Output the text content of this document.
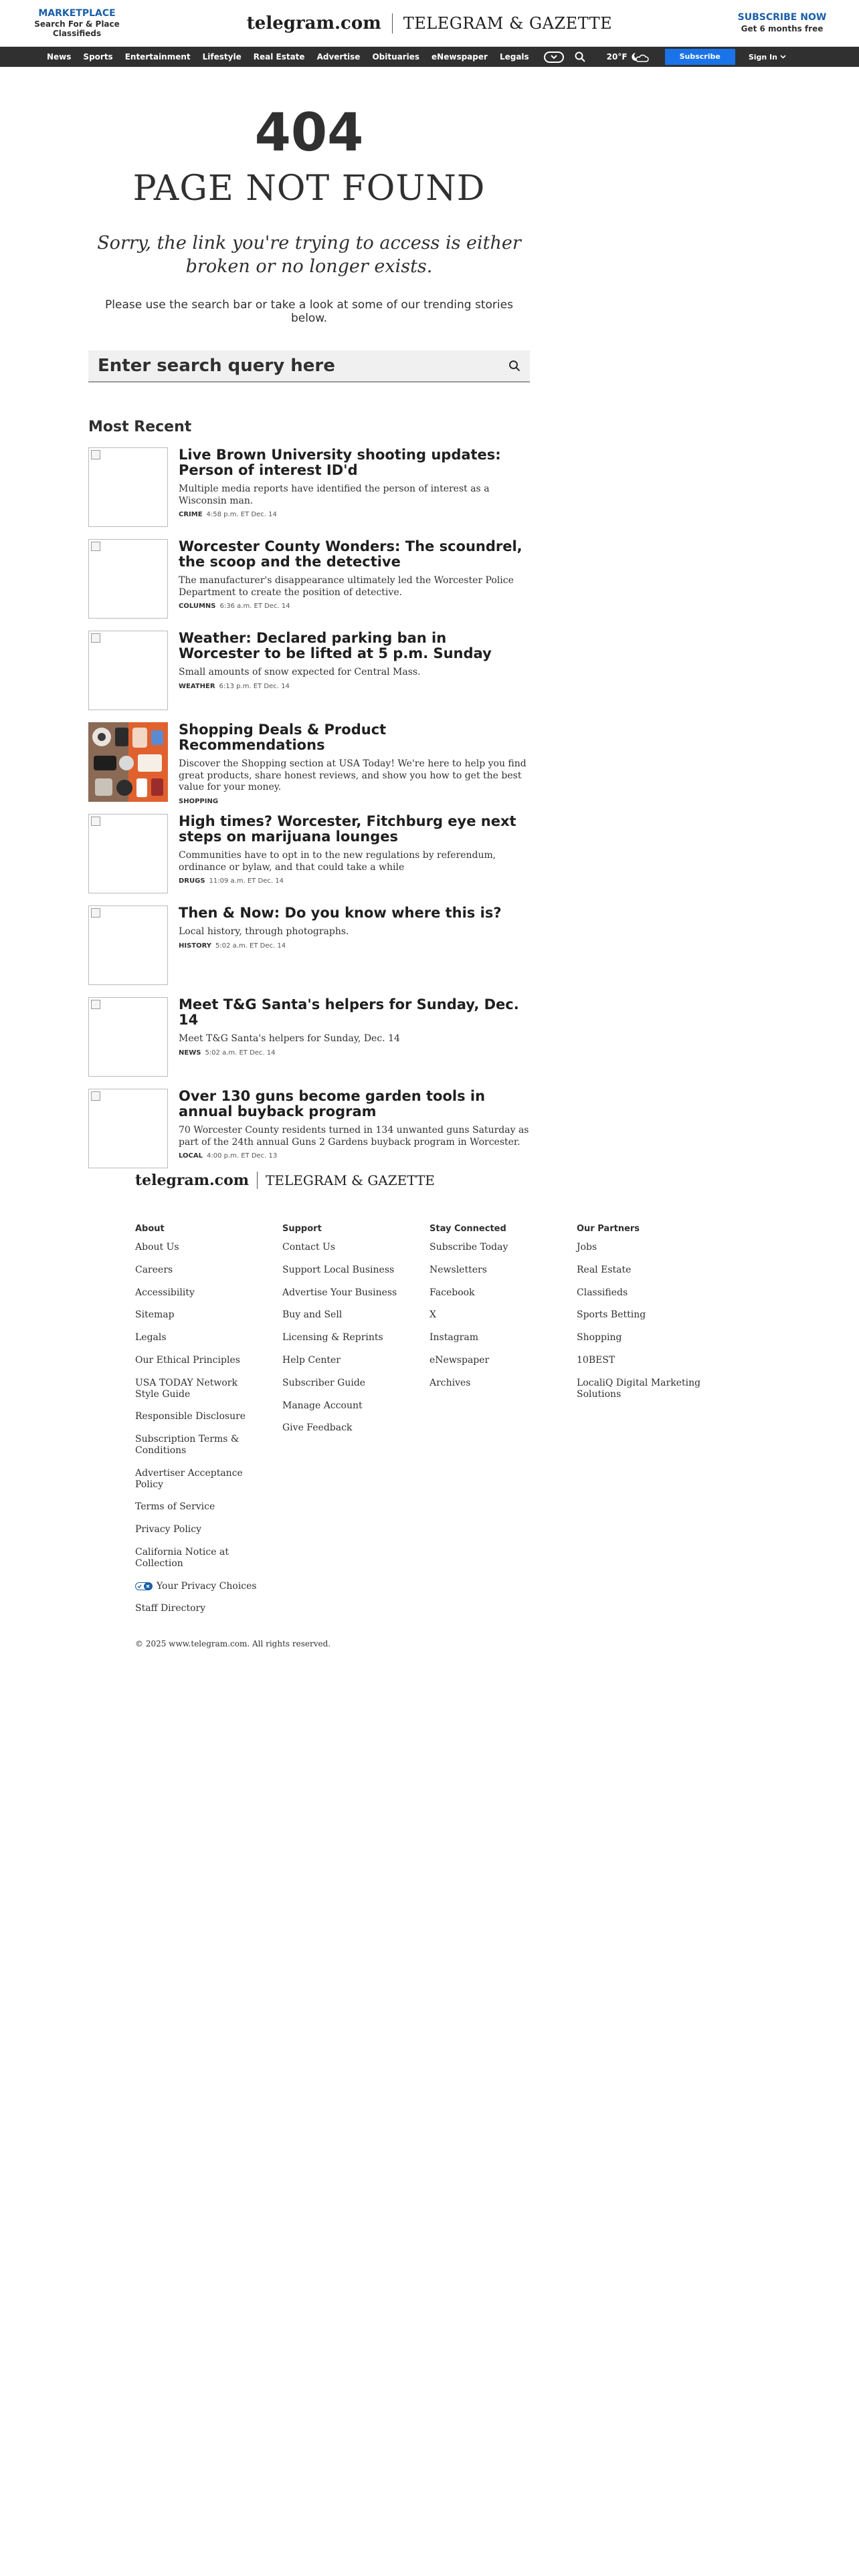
MARKETPLACE
Search For & Place Classifieds
telegram.com TELEGRAM & GAZETTE	SUBSCRIBE NOW
Get 6 months free
News Sports Entertainment Lifestyle Real Estate Advertise Obituaries eNewspaper Legals	20°F	Subscribe	Sign In
404
PAGE NOT FOUND
Sorry, the link you're trying to access is either broken or no longer exists.
Please use the search bar or take a look at some of our trending stories below.
Enter search query here
Most Recent
Live Brown University shooting updates: Person of interest ID'd
Multiple media reports have identified the person of interest as a Wisconsin man.
CRIME 4:58 p.m. ET Dec. 14
Worcester County Wonders: The scoundrel, the scoop and the detective
The manufacturer's disappearance ultimately led the Worcester Police Department to create the position of detective.
COLUMNS 6:36 a.m. ET Dec. 14
Weather: Declared parking ban in Worcester to be lifted at 5 p.m. Sunday
Small amounts of snow expected for Central Mass.
WEATHER 6:13 p.m. ET Dec. 14
Shopping Deals & Product Recommendations
Discover the Shopping section at USA Today! We're here to help you find great products, share honest reviews, and show you how to get the best value for your money.
SHOPPING
High times? Worcester, Fitchburg eye next steps on marijuana lounges
Communities have to opt in to the new regulations by referendum, ordinance or bylaw, and that could take a while
DRUGS 11:09 a.m. ET Dec. 14
Then & Now: Do you know where this is?
Local history, through photographs.
HISTORY 5:02 a.m. ET Dec. 14
Meet T&G Santa's helpers for Sunday, Dec. 14
Meet T&G Santa's helpers for Sunday, Dec. 14
NEWS 5:02 a.m. ET Dec. 14
Over 130 guns become garden tools in annual buyback program
70 Worcester County residents turned in 134 unwanted guns Saturday as part of the 24th annual Guns 2 Gardens buyback program in Worcester.
LOCAL 4:00 p.m. ET Dec. 13
telegram.com TELEGRAM & GAZETTE
About
About Us
Careers
Accessibility
Sitemap
Legals
Our Ethical Principles
USA TODAY Network Style Guide
Responsible Disclosure
Subscription Terms & Conditions
Advertiser Acceptance Policy
Terms of Service
Privacy Policy
California Notice at Collection
Your Privacy Choices
Staff Directory
Support
Contact Us
Support Local Business
Advertise Your Business
Buy and Sell
Licensing & Reprints
Help Center
Subscriber Guide
Manage Account
Give Feedback
Stay Connected
Subscribe Today
Newsletters
Facebook
X
Instagram
eNewspaper
Archives
Our Partners
Jobs
Real Estate
Classifieds
Sports Betting
Shopping
10BEST
LocaliQ Digital Marketing Solutions
© 2025 www.telegram.com. All rights reserved.
